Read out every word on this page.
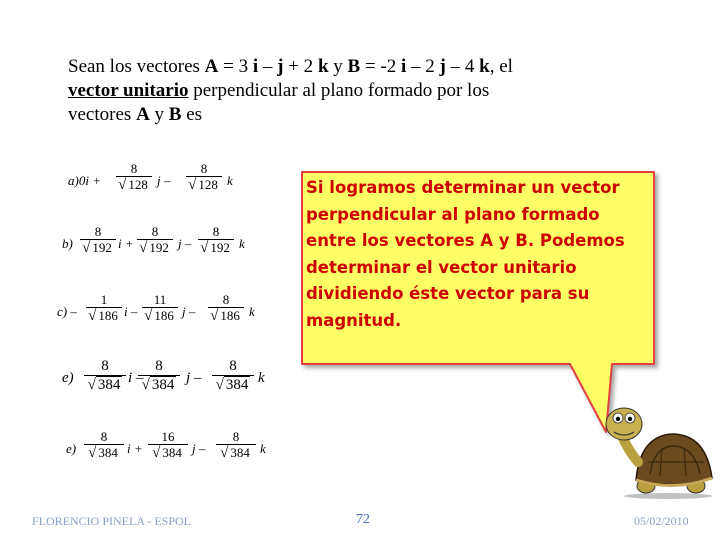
Sean los vectores A = 3 i – j + 2 k y B = -2 i – 2 j – 4 k, el
vector unitario perpendicular al plano formado por los
vectores A y B es
a)0i +
8
√ 128 j –
8
√ 128 k
b)
8
√ 192 i +
8
√ 192 j –
8
√ 192 k
c) –
1
√ 186 i –
11
√ 186 j –
8
√ 186 k
e)
8
√ 384 i –
8
√ 384 j –
8
√ 384 k
e)
8
√ 384 i +
16
√ 384 j –
8
√ 384 k
Si logramos determinar un vector perpendicular al plano formado entre los vectores A y B. Podemos determinar el vector unitario dividiendo éste vector para su magnitud.
FLORENCIO PINELA - ESPOL	72	05/02/2010
